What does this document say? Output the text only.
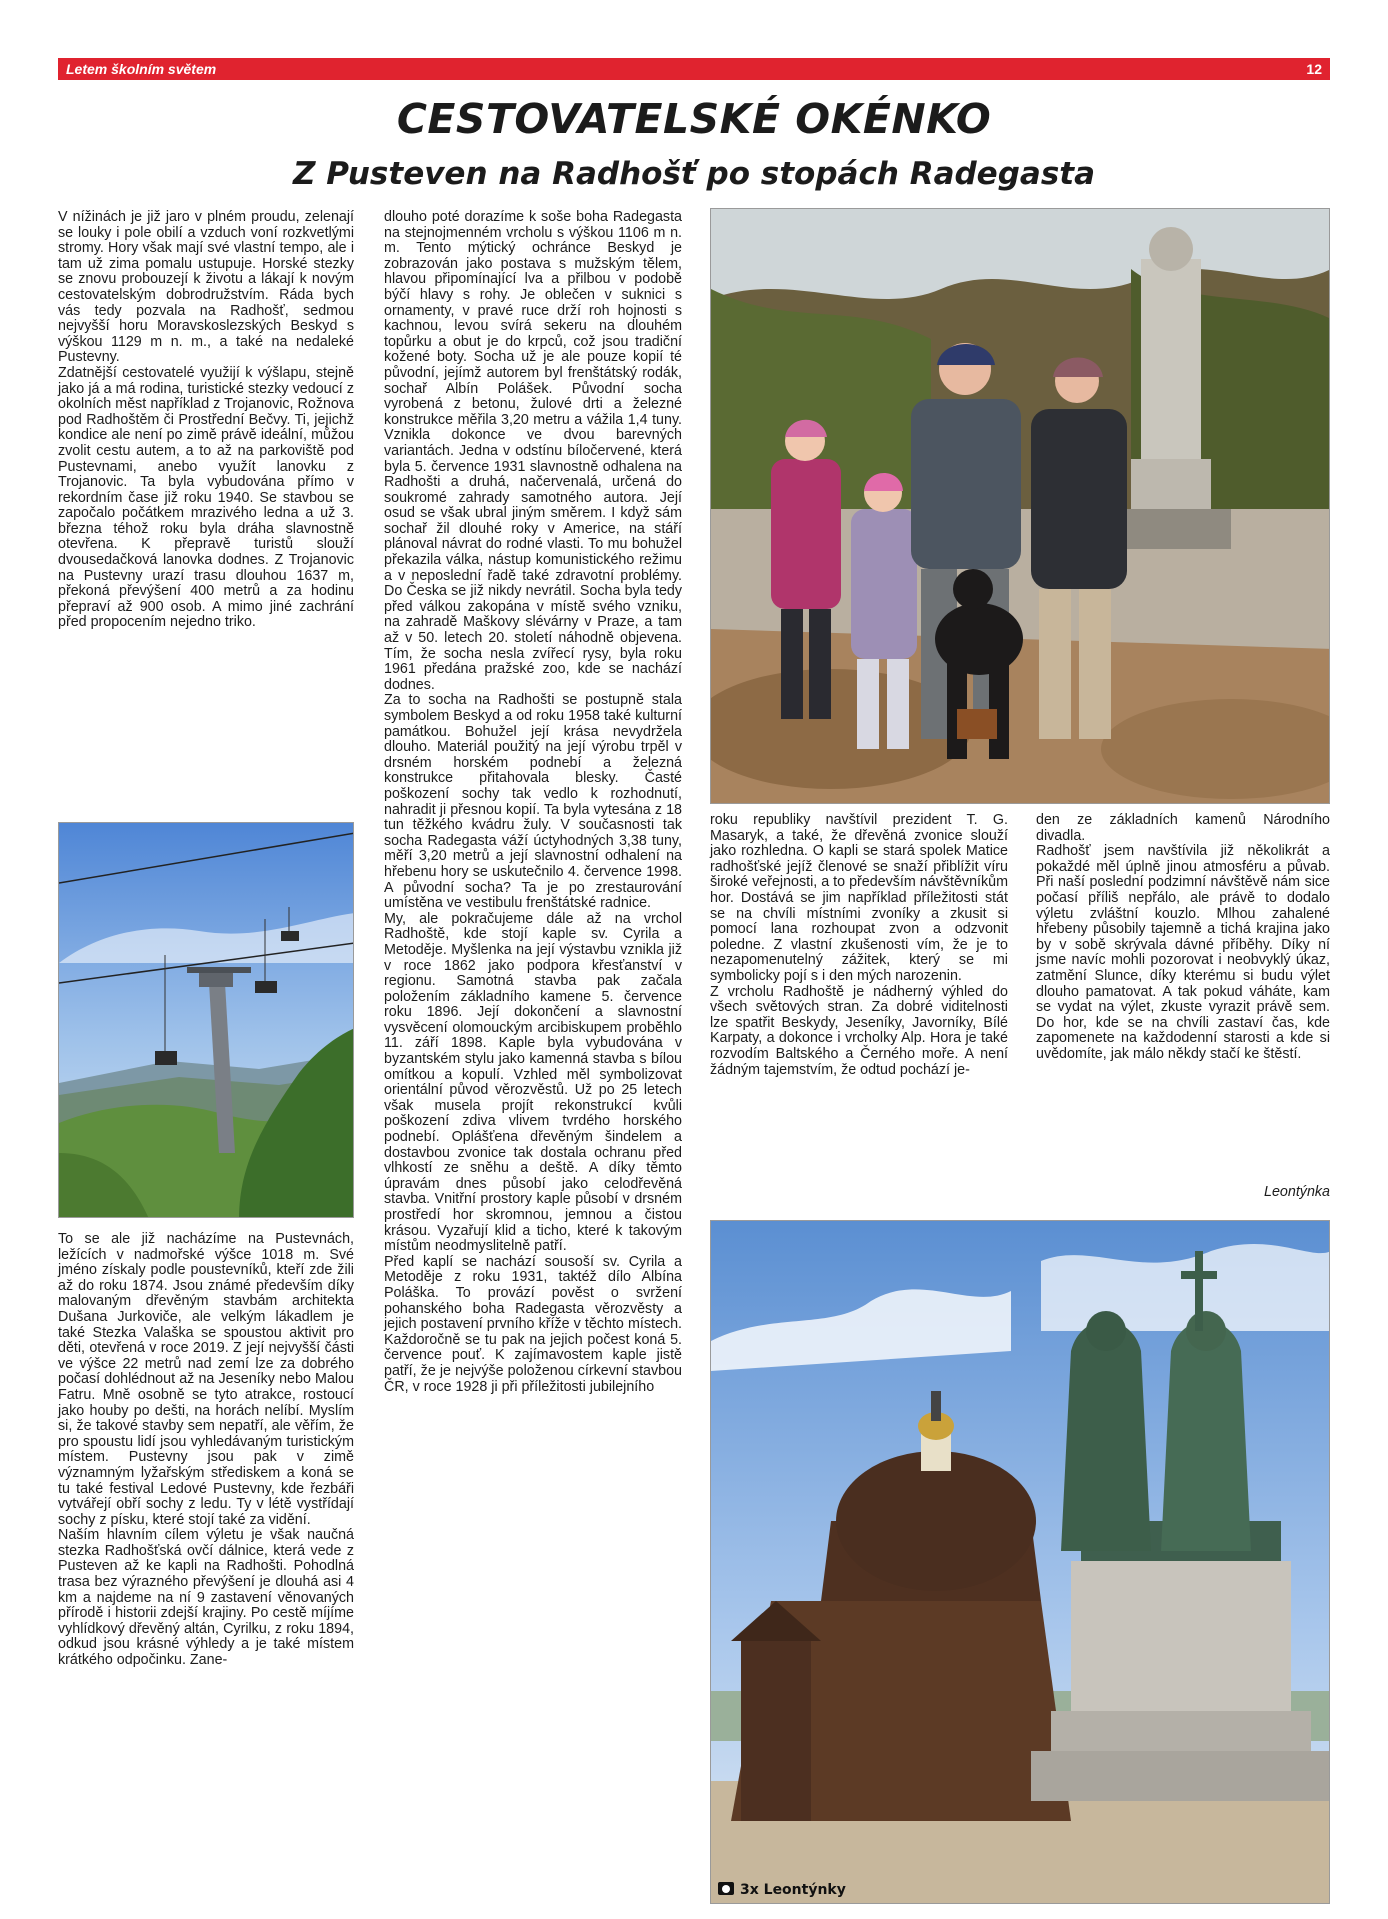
Letem školním světem	12
CESTOVATELSKÉ OKÉNKO
Z Pusteven na Radhošť po stopách Radegasta

V nížinách je již jaro v plném proudu, zelenají se louky i pole obilí a vzduch voní rozkvetlými stromy. Hory však mají své vlastní tempo, ale i tam už zima pomalu ustupuje. Horské stezky se znovu probouzejí k životu a lákají k novým cestovatelským dobrodružstvím. Ráda bych vás tedy pozvala na Radhošť, sedmou nejvyšší horu Moravskoslezských Beskyd s výškou 1129 m n. m., a také na nedaleké Pustevny.

Zdatnější cestovatelé využijí k výšlapu, stejně jako já a má rodina, turistické stezky vedoucí z okolních měst například z Trojanovic, Rožnova pod Radhoštěm či Prostřední Bečvy. Ti, jejichž kondice ale není po zimě právě ideální, můžou zvolit cestu autem, a to až na parkoviště pod Pustevnami, anebo využít lanovku z Trojanovic. Ta byla vybudována přímo v rekordním čase již roku 1940. Se stavbou se započalo počátkem mrazivého ledna a už 3. března téhož roku byla dráha slavnostně otevřena. K přepravě turistů slouží dvousedačková lanovka dodnes. Z Trojanovic na Pustevny urazí trasu dlouhou 1637 m, překoná převýšení 400 metrů a za hodinu přepraví až 900 osob. A mimo jiné zachrání před propocením nejedno triko.

To se ale již nacházíme na Pustevnách, ležících v nadmořské výšce 1018 m. Své jméno získaly podle poustevníků, kteří zde žili až do roku 1874. Jsou známé především díky malovaným dřevěným stavbám architekta Dušana Jurkoviče, ale velkým lákadlem je také Stezka Valaška se spoustou aktivit pro děti, otevřená v roce 2019. Z její nejvyšší části ve výšce 22 metrů nad zemí lze za dobrého počasí dohlédnout až na Jeseníky nebo Malou Fatru. Mně osobně se tyto atrakce, rostoucí jako houby po dešti, na horách nelíbí. Myslím si, že takové stavby sem nepatří, ale věřím, že pro spoustu lidí jsou vyhledávaným turistickým místem. Pustevny jsou pak v zimě významným lyžařským střediskem a koná se tu také festival Ledové Pustevny, kde řezbáři vytvářejí obří sochy z ledu. Ty v létě vystřídají sochy z písku, které stojí také za vidění.

Naším hlavním cílem výletu je však naučná stezka Radhošťská ovčí dálnice, která vede z Pusteven až ke kapli na Radhošti. Pohodlná trasa bez výrazného převýšení je dlouhá asi 4 km a najdeme na ní 9 zastavení věnovaných přírodě i historii zdejší krajiny. Po cestě míjíme vyhlídkový dřevěný altán, Cyrilku, z roku 1894, odkud jsou krásné výhledy a je také místem krátkého odpočinku. Zane-

dlouho poté dorazíme k soše boha Radegasta na stejnojmenném vrcholu s výškou 1106 m n. m. Tento mýtický ochránce Beskyd je zobrazován jako postava s mužským tělem, hlavou připomínající lva a přilbou v podobě býčí hlavy s rohy. Je oblečen v suknici s ornamenty, v pravé ruce drží roh hojnosti s kachnou, levou svírá sekeru na dlouhém topůrku a obut je do krpců, což jsou tradiční kožené boty. Socha už je ale pouze kopií té původní, jejímž autorem byl frenštátský rodák, sochař Albín Polášek. Původní socha vyrobená z betonu, žulové drti a železné konstrukce měřila 3,20 metru a vážila 1,4 tuny. Vznikla dokonce ve dvou barevných variantách. Jedna v odstínu bíločervené, která byla 5. července 1931 slavnostně odhalena na Radhošti a druhá, načervenalá, určená do soukromé zahrady samotného autora. Její osud se však ubral jiným směrem. I když sám sochař žil dlouhé roky v Americe, na stáří plánoval návrat do rodné vlasti. To mu bohužel překazila válka, nástup komunistického režimu a v neposlední řadě také zdravotní problémy. Do Česka se již nikdy nevrátil. Socha byla tedy před válkou zakopána v místě svého vzniku, na zahradě Maškovy slévárny v Praze, a tam až v 50. letech 20. století náhodně objevena. Tím, že socha nesla zvířecí rysy, byla roku 1961 předána pražské zoo, kde se nachází dodnes.

Za to socha na Radhošti se postupně stala symbolem Beskyd a od roku 1958 také kulturní památkou. Bohužel její krása nevydržela dlouho. Materiál použitý na její výrobu trpěl v drsném horském podnebí a železná konstrukce přitahovala blesky. Časté poškození sochy tak vedlo k rozhodnutí, nahradit ji přesnou kopií. Ta byla vytesána z 18 tun těžkého kvádru žuly. V současnosti tak socha Radegasta váží úctyhodných 3,38 tuny, měří 3,20 metrů a její slavnostní odhalení na hřebenu hory se uskutečnilo 4. července 1998. A původní socha? Ta je po zrestaurování umístěna ve vestibulu frenštátské radnice.

My, ale pokračujeme dále až na vrchol Radhoště, kde stojí kaple sv. Cyrila a Metoděje. Myšlenka na její výstavbu vznikla již v roce 1862 jako podpora křesťanství v regionu. Samotná stavba pak začala položením základního kamene 5. července roku 1896. Její dokončení a slavnostní vysvěcení olomouckým arcibiskupem proběhlo 11. září 1898. Kaple byla vybudována v byzantském stylu jako kamenná stavba s bílou omítkou a kopulí. Vzhled měl symbolizovat orientální původ věrozvěstů. Už po 25 letech však musela projít rekonstrukcí kvůli poškození zdiva vlivem tvrdého horského podnebí. Oplášťena dřevěným šindelem a dostavbou zvonice tak dostala ochranu před vlhkostí ze sněhu a deště. A díky těmto úpravám dnes působí jako celodřevěná stavba. Vnitřní prostory kaple působí v drsném prostředí hor skromnou, jemnou a čistou krásou. Vyzařují klid a ticho, které k takovým místům neodmyslitelně patří.

Před kaplí se nachází sousoší sv. Cyrila a Metoděje z roku 1931, taktéž dílo Albína Poláška. To provází pověst o svržení pohanského boha Radegasta věrozvěsty a jejich postavení prvního kříže v těchto místech. Každoročně se tu pak na jejich počest koná 5. července pouť. K zajímavostem kaple jistě patří, že je nejvýše položenou církevní stavbou ČR, v roce 1928 ji při příležitosti jubilejního

roku republiky navštívil prezident T. G. Masaryk, a také, že dřevěná zvonice slouží jako rozhledna. O kapli se stará spolek Matice radhošťské jejíž členové se snaží přiblížit víru široké veřejnosti, a to především návštěvníkům hor. Dostává se jim například příležitosti stát se na chvíli místními zvoníky a zkusit si pomocí lana rozhoupat zvon a odzvonit poledne. Z vlastní zkušenosti vím, že je to nezapomenutelný zážitek, který se mi symbolicky pojí s i den mých narozenin.

Z vrcholu Radhoště je nádherný výhled do všech světových stran. Za dobré viditelnosti lze spatřit Beskydy, Jeseníky, Javorníky, Bílé Karpaty, a dokonce i vrcholky Alp. Hora je také rozvodím Baltského a Černého moře. A není žádným tajemstvím, že odtud pochází je-

den ze základních kamenů Národního divadla.

Radhošť jsem navštívila již několikrát a pokaždé měl úplně jinou atmosféru a půvab. Při naší poslední podzimní návštěvě nám sice počasí příliš nepřálo, ale právě to dodalo výletu zvláštní kouzlo. Mlhou zahalené hřebeny působily tajemně a tichá krajina jako by v sobě skrývala dávné příběhy. Díky ní jsme navíc mohli pozorovat i neobvyklý úkaz, zatmění Slunce, díky kterému si budu výlet dlouho pamatovat. A tak pokud váháte, kam se vydat na výlet, zkuste vyrazit právě sem. Do hor, kde se na chvíli zastaví čas, kde zapomenete na každodenní starosti a kde si uvědomíte, jak málo někdy stačí ke štěstí.

Leontýnka
3x Leontýnky
